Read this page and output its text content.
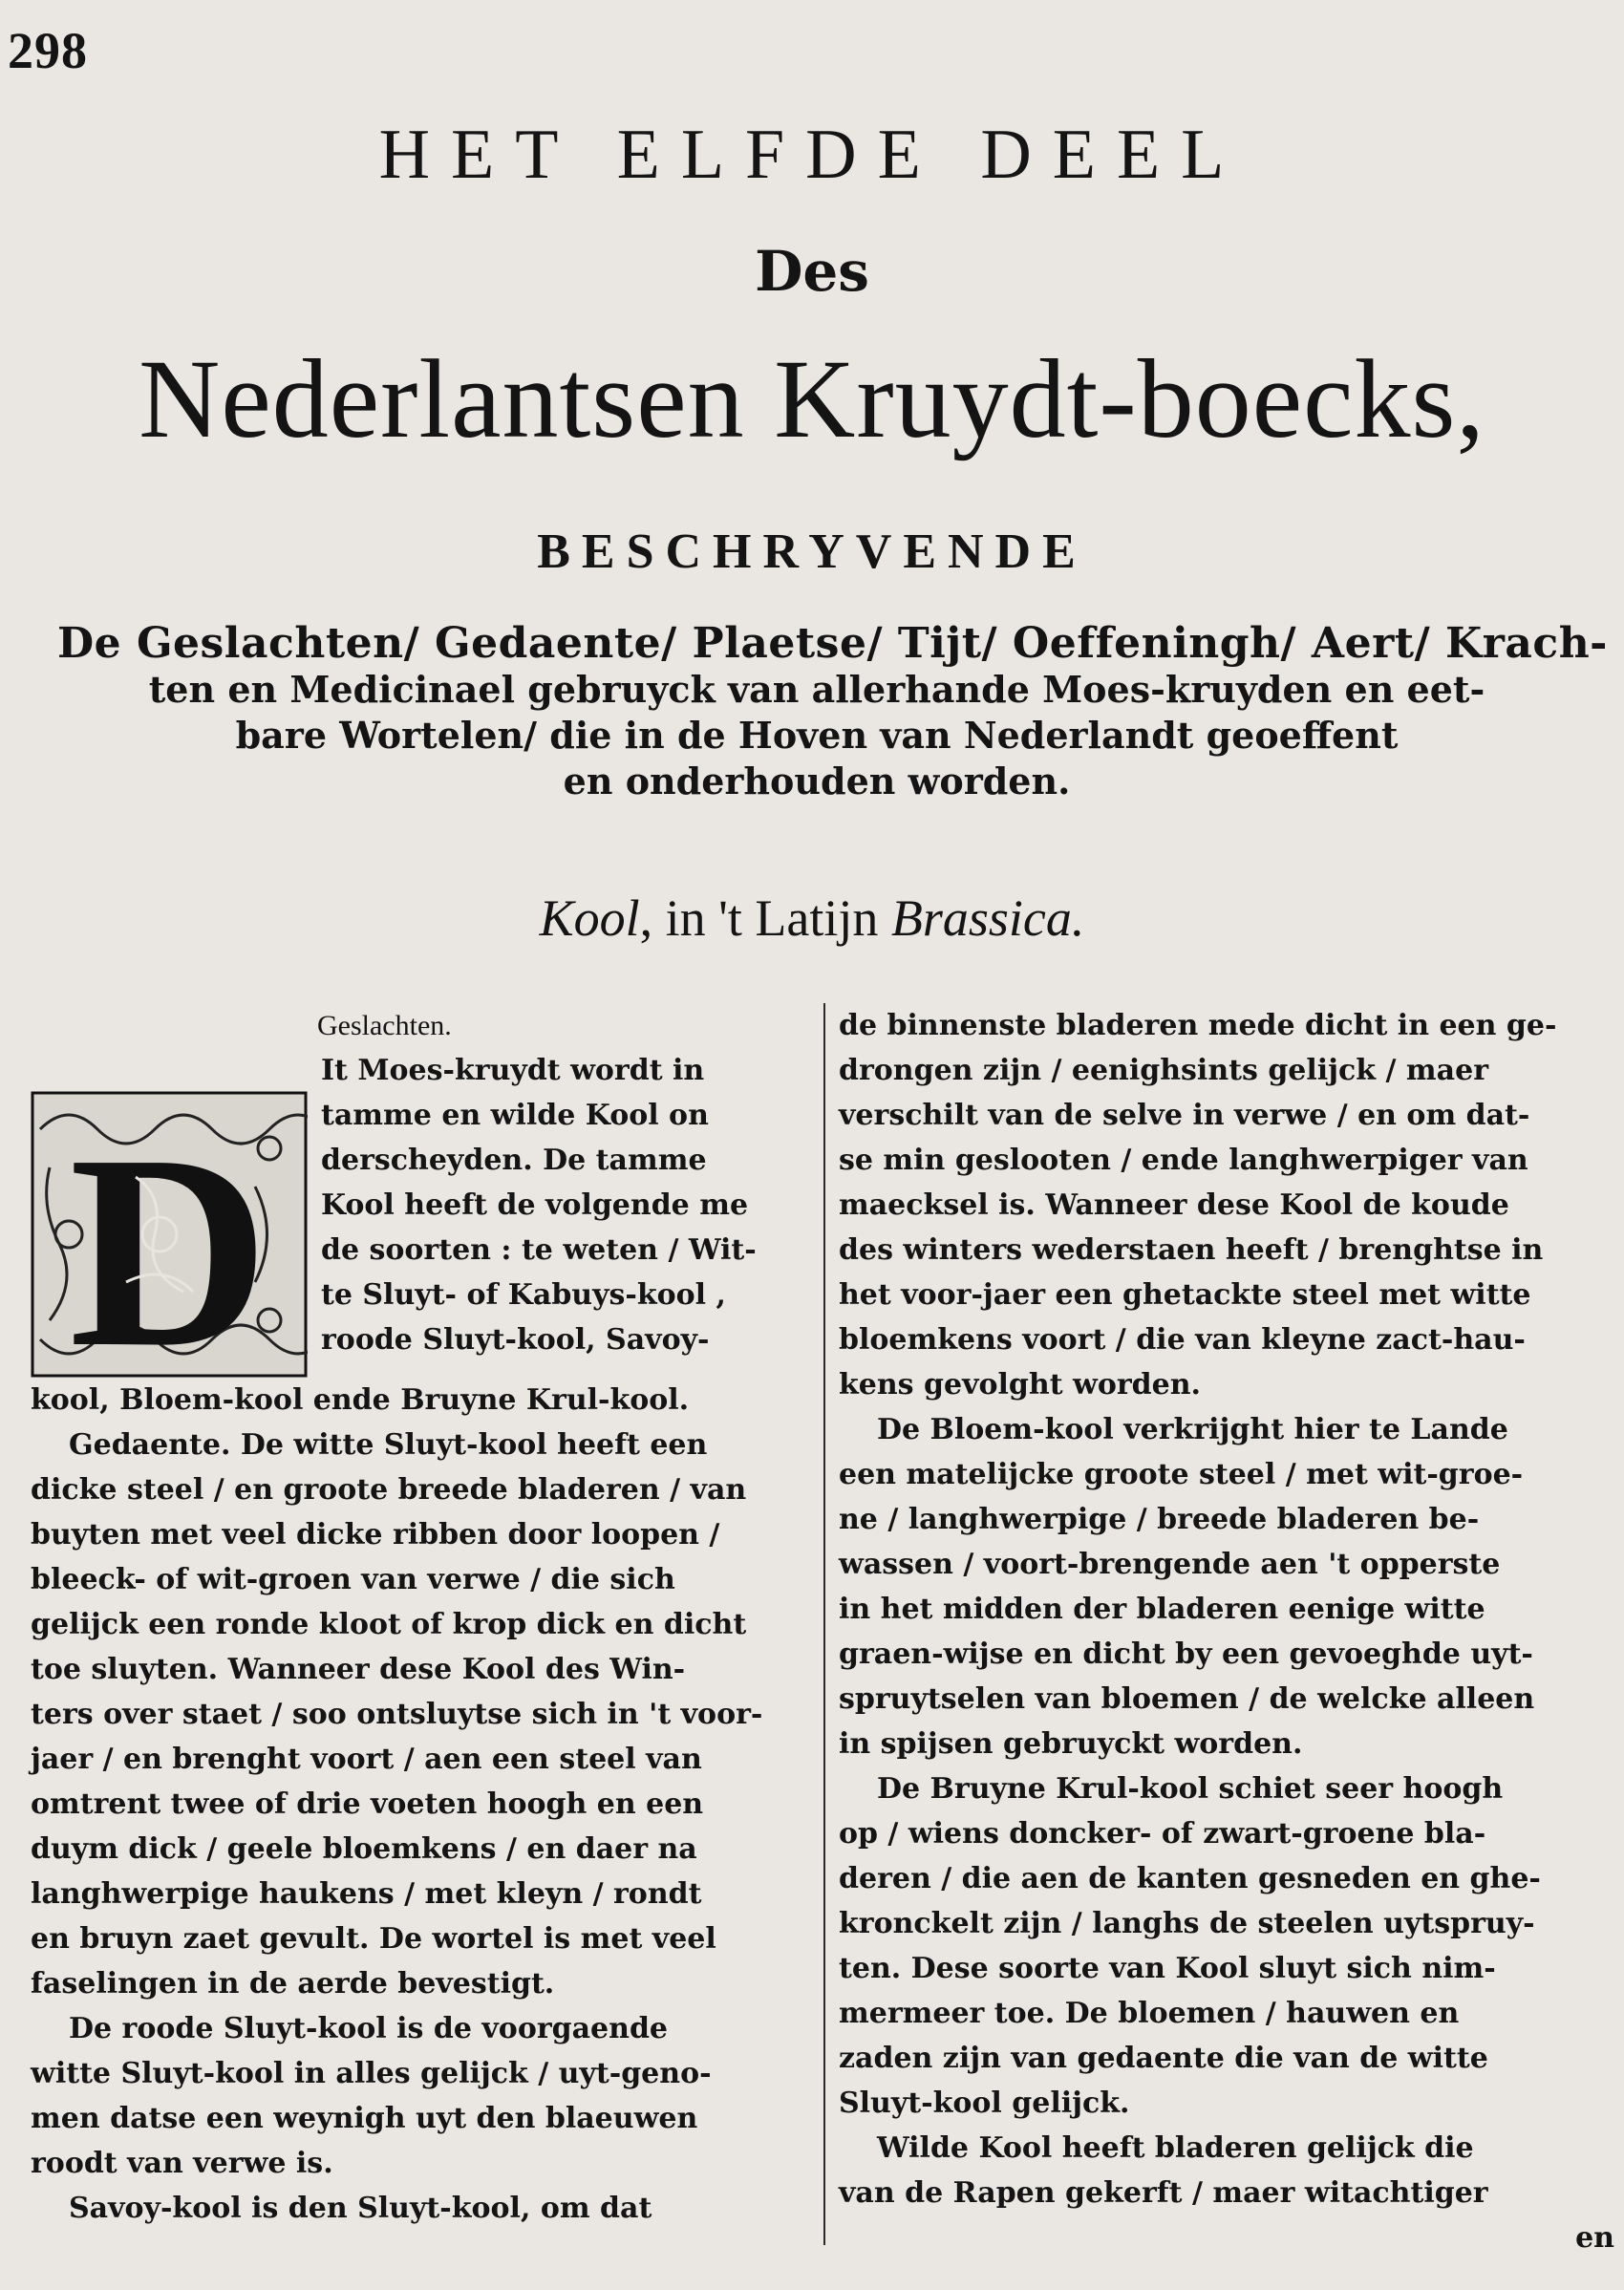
298
HET ELFDE DEEL
Des
Nederlantsen Kruydt-boecks,
BESCHRYVENDE
De Geslachten/ Gedaente/ Plaetse/ Tijt/ Oeffeningh/ Aert/ Krach-
ten en Medicinael gebruyck van allerhande Moes-kruyden en eet-
bare Wortelen/ die in de Hoven van Nederlandt geoeffent
en onderhouden worden.
Kool, in 't Latijn Brassica.
Geslachten.
D
It Moes-kruydt wordt in
tamme en wilde Kool on
derscheyden. De tamme
Kool heeft de volgende me
de soorten : te weten / Wit-
te Sluyt- of Kabuys-kool ,
roode Sluyt-kool, Savoy-
kool, Bloem-kool ende Bruyne Krul-kool.
Gedaente. De witte Sluyt-kool heeft een
dicke steel / en groote breede bladeren / van
buyten met veel dicke ribben door loopen /
bleeck- of wit-groen van verwe / die sich
gelijck een ronde kloot of krop dick en dicht
toe sluyten. Wanneer dese Kool des Win-
ters over staet / soo ontsluytse sich in 't voor-
jaer / en brenght voort / aen een steel van
omtrent twee of drie voeten hoogh en een
duym dick / geele bloemkens / en daer na
langhwerpige haukens / met kleyn / rondt
en bruyn zaet gevult. De wortel is met veel
faselingen in de aerde bevestigt.
De roode Sluyt-kool is de voorgaende
witte Sluyt-kool in alles gelijck / uyt-geno-
men datse een weynigh uyt den blaeuwen
roodt van verwe is.
Savoy-kool is den Sluyt-kool, om dat
de binnenste bladeren mede dicht in een ge-
drongen zijn / eenighsints gelijck / maer
verschilt van de selve in verwe / en om dat-
se min geslooten / ende langhwerpiger van
maecksel is. Wanneer dese Kool de koude
des winters wederstaen heeft / brenghtse in
het voor-jaer een ghetackte steel met witte
bloemkens voort / die van kleyne zact-hau-
kens gevolght worden.
De Bloem-kool verkrijght hier te Lande
een matelijcke groote steel / met wit-groe-
ne / langhwerpige / breede bladeren be-
wassen / voort-brengende aen 't opperste
in het midden der bladeren eenige witte
graen-wijse en dicht by een gevoeghde uyt-
spruytselen van bloemen / de welcke alleen
in spijsen gebruyckt worden.
De Bruyne Krul-kool schiet seer hoogh
op / wiens doncker- of zwart-groene bla-
deren / die aen de kanten gesneden en ghe-
kronckelt zijn / langhs de steelen uytspruy-
ten. Dese soorte van Kool sluyt sich nim-
mermeer toe. De bloemen / hauwen en
zaden zijn van gedaente die van de witte
Sluyt-kool gelijck.
Wilde Kool heeft bladeren gelijck die
van de Rapen gekerft / maer witachtiger
en
